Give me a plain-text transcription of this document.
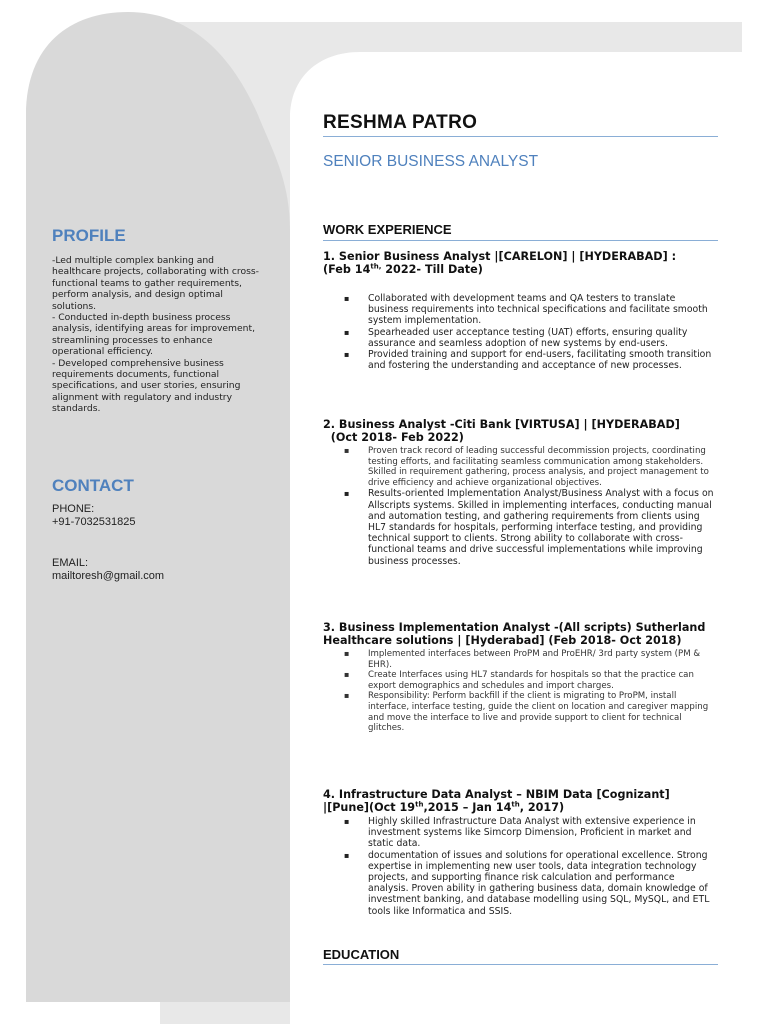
PROFILE
-Led multiple complex banking and healthcare projects, collaborating with cross-functional teams to gather requirements, perform analysis, and design optimal solutions.
- Conducted in-depth business process analysis, identifying areas for improvement, streamlining processes to enhance operational efficiency.
- Developed comprehensive business requirements documents, functional specifications, and user stories, ensuring alignment with regulatory and industry standards.
CONTACT
PHONE:
+91-7032531825
EMAIL:
mailtoresh@gmail.com
RESHMA PATRO
SENIOR BUSINESS ANALYST
WORK EXPERIENCE
1. Senior Business Analyst |[CARELON] | [HYDERABAD] :
(Feb $14^{th,}$ 2022- Till Date)
▪ Collaborated with development teams and QA testers to translate business requirements into technical specifications and facilitate smooth system implementation.
▪ Spearheaded user acceptance testing (UAT) efforts, ensuring quality assurance and seamless adoption of new systems by end-users.
▪ Provided training and support for end-users, facilitating smooth transition and fostering the understanding and acceptance of new processes.
2. Business Analyst -Citi Bank [VIRTUSA] | [HYDERABAD]
(Oct 2018- Feb 2022)
▪ Proven track record of leading successful decommission projects, coordinating testing efforts, and facilitating seamless communication among stakeholders. Skilled in requirement gathering, process analysis, and project management to drive efficiency and achieve organizational objectives.
▪ Results-oriented Implementation Analyst/Business Analyst with a focus on Allscripts systems. Skilled in implementing interfaces, conducting manual and automation testing, and gathering requirements from clients using HL7 standards for hospitals, performing interface testing, and providing technical support to clients. Strong ability to collaborate with cross-functional teams and drive successful implementations while improving business processes.
3. Business Implementation Analyst -(All scripts) Sutherland
Healthcare solutions | [Hyderabad] (Feb 2018- Oct 2018)
▪ Implemented interfaces between ProPM and ProEHR/ 3rd party system (PM & EHR).
▪ Create Interfaces using HL7 standards for hospitals so that the practice can export demographics and schedules and import charges.
▪ Responsibility: Perform backfill if the client is migrating to ProPM, install interface, interface testing, guide the client on location and caregiver mapping and move the interface to live and provide support to client for technical glitches.
4. Infrastructure Data Analyst – NBIM Data [Cognizant]
|[Pune](Oct 19th,2015 – Jan 14th, 2017)
▪ Highly skilled Infrastructure Data Analyst with extensive experience in investment systems like Simcorp Dimension, Proficient in market and static data.
▪ documentation of issues and solutions for operational excellence. Strong expertise in implementing new user tools, data integration technology projects, and supporting finance risk calculation and performance analysis. Proven ability in gathering business data, domain knowledge of investment banking, and database modelling using SQL, MySQL, and ETL tools like Informatica and SSIS.
EDUCATION
